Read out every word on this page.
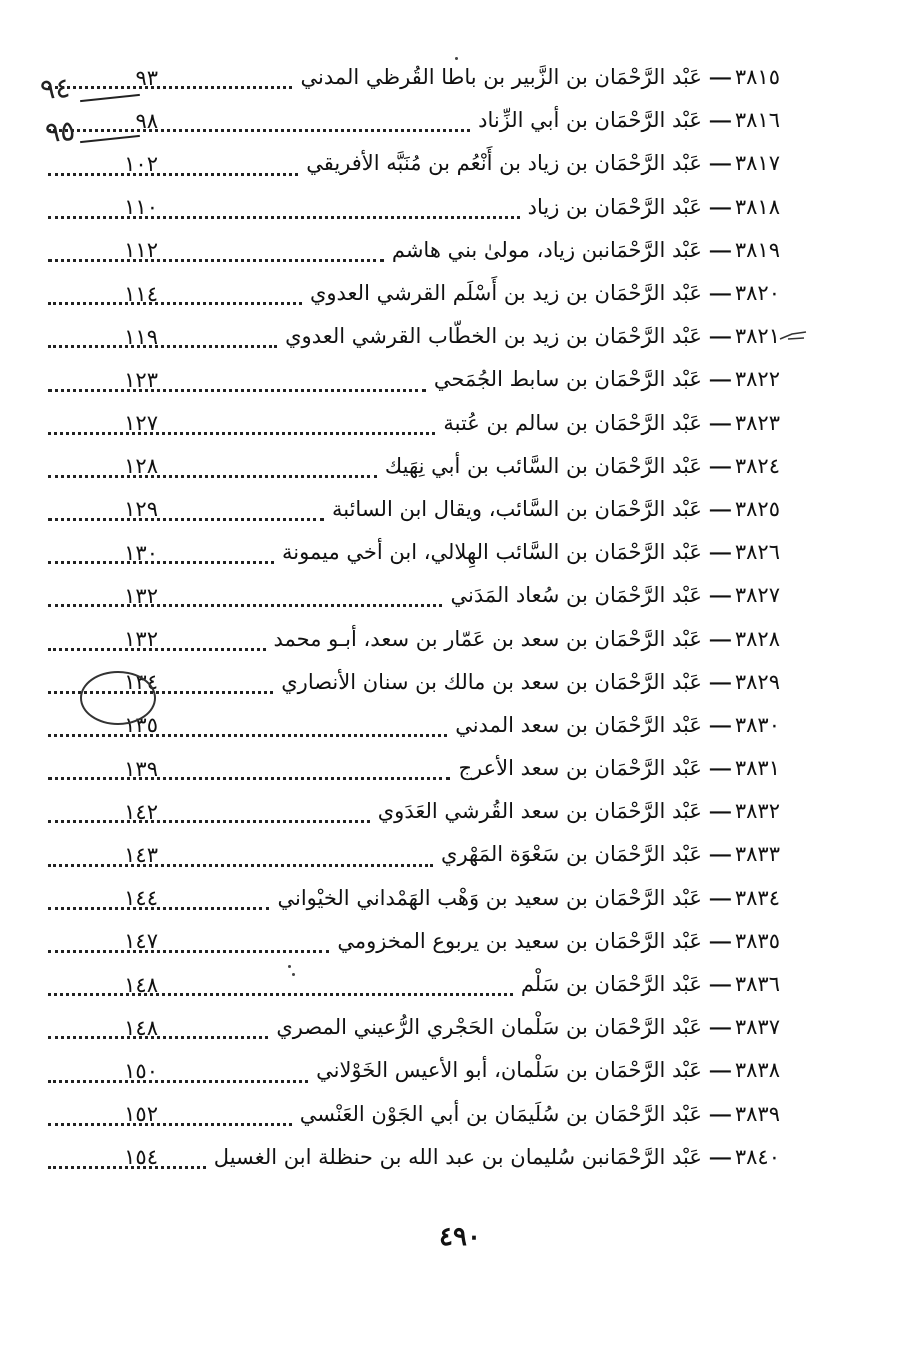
٣٨١٥
—
عَبْد الرَّحْمَان بن الزَّبير بن باطا القُرظي المدني
٣٨١٦
—
عَبْد الرَّحْمَان بن أبي الزِّناد
٣٨١٧
—
عَبْد الرَّحْمَان بن زياد بن أَنْعُم بن مُنَبَّه الأفريقي
٣٨١٨
—
عَبْد الرَّحْمَان بن زياد
٣٨١٩
—
عَبْد الرَّحْمَانبن زياد، مولىٰ بني هاشم
٣٨٢٠
—
عَبْد الرَّحْمَان بن زيد بن أَسْلَم القرشي العدوي
٣٨٢١
—
عَبْد الرَّحْمَان بن زيد بن الخطّاب القرشي العدوي
٣٨٢٢
—
عَبْد الرَّحْمَان بن سابط الجُمَحي
٣٨٢٣
—
عَبْد الرَّحْمَان بن سالم بن عُتبة
٣٨٢٤
—
عَبْد الرَّحْمَان بن السَّائب بن أبي نِهَيك
٣٨٢٥
—
عَبْد الرَّحْمَان بن السَّائب، ويقال ابن السائبة
٣٨٢٦
—
عَبْد الرَّحْمَان بن السَّائب الهِلالي، ابن أخي ميمونة
٣٨٢٧
—
عَبْد الرَّحْمَان بن سُعاد المَدَني
٣٨٢٨
—
عَبْد الرَّحْمَان بن سعد بن عَمّار بن سعد، أبـو محمد
٣٨٢٩
—
عَبْد الرَّحْمَان بن سعد بن مالك بن سنان الأنصاري
٣٨٣٠
—
عَبْد الرَّحْمَان بن سعد المدني
٣٨٣١
—
عَبْد الرَّحْمَان بن سعد الأعرج
٣٨٣٢
—
عَبْد الرَّحْمَان بن سعد القُرشي العَدَوي
٣٨٣٣
—
عَبْد الرَّحْمَان بن سَعْوَة المَهْري
٣٨٣٤
—
عَبْد الرَّحْمَان بن سعيد بن وَهْب الهَمْداني الخيْواني
٣٨٣٥
—
عَبْد الرَّحْمَان بن سعيد بن يربوع المخزومي
٣٨٣٦
—
عَبْد الرَّحْمَان بن سَلْم
٣٨٣٧
—
عَبْد الرَّحْمَان بن سَلْمان الحَجْري الرُّعيني المصري
٣٨٣٨
—
عَبْد الرَّحْمَان بن سَلْمان، أبو الأعيس الخَوْلاني
٣٨٣٩
—
عَبْد الرَّحْمَان بن سُلَيمَان بن أبي الجَوْن العَنْسي
٣٨٤٠
—
عَبْد الرَّحْمَانبن سُليمان بن عبد الله بن حنظلة ابن الغسيل
٩٣
٩٨
١٠٢
١١٠
١١٢
١١٤
١١٩
١٢٣
١٢٧
١٢٨
١٢٩
١٣٠
١٣٢
١٣٢
١٣٤
١٣٥
١٣٩
١٤٢
١٤٣
١٤٤
١٤٧
١٤٨
١٤٨
١٥٠
١٥٢
١٥٤
٩٤
٩٥
٤٩٠
